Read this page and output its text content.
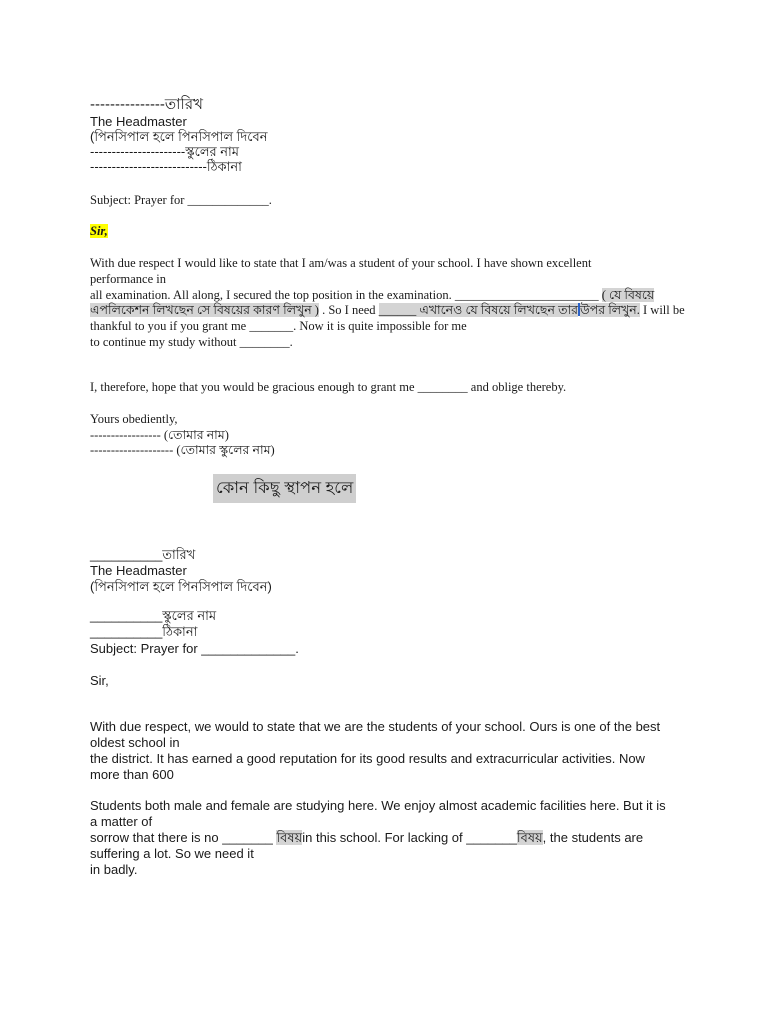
---------------তারিখ
The Headmaster
(পিনসিপাল হলে পিনসিপাল দিবেন
----------------------স্কুলের নাম
---------------------------ঠিকানা
Subject: Prayer for _____________.
Sir,
With due respect I would like to state that I am/was a student of your school. I have shown excellent
performance in
all examination. All along, I secured the top position in the examination. _______________________ ( যে বিষয়ে
এপলিকেশন লিখছেন সে বিষয়ের কারণ লিখুন ) . So I need ______ এখানেও যে বিষয়ে লিখছেন তার উপর লিখুন. I will be
thankful to you if you grant me _______. Now it is quite impossible for me
to continue my study without ________.
I, therefore, hope that you would be gracious enough to grant me ________ and oblige thereby.
Yours obediently,
----------------- (তোমার নাম)
-------------------- (তোমার স্কুলের নাম)
কোন কিছু স্থাপন হলে
__________তারিখ
The Headmaster
(পিনসিপাল হলে পিনসিপাল দিবেন)
__________স্কুলের নাম
__________ঠিকানা
Subject: Prayer for _____________.
Sir,
With due respect, we would to state that we are the students of your school. Ours is one of the best
oldest school in
the district. It has earned a good reputation for its good results and extracurricular activities. Now
more than 600
Students both male and female are studying here. We enjoy almost academic facilities here. But it is
a matter of
sorrow that there is no _______ বিষয়in this school. For lacking of _______বিষয়, the students are
suffering a lot. So we need it
in badly.
